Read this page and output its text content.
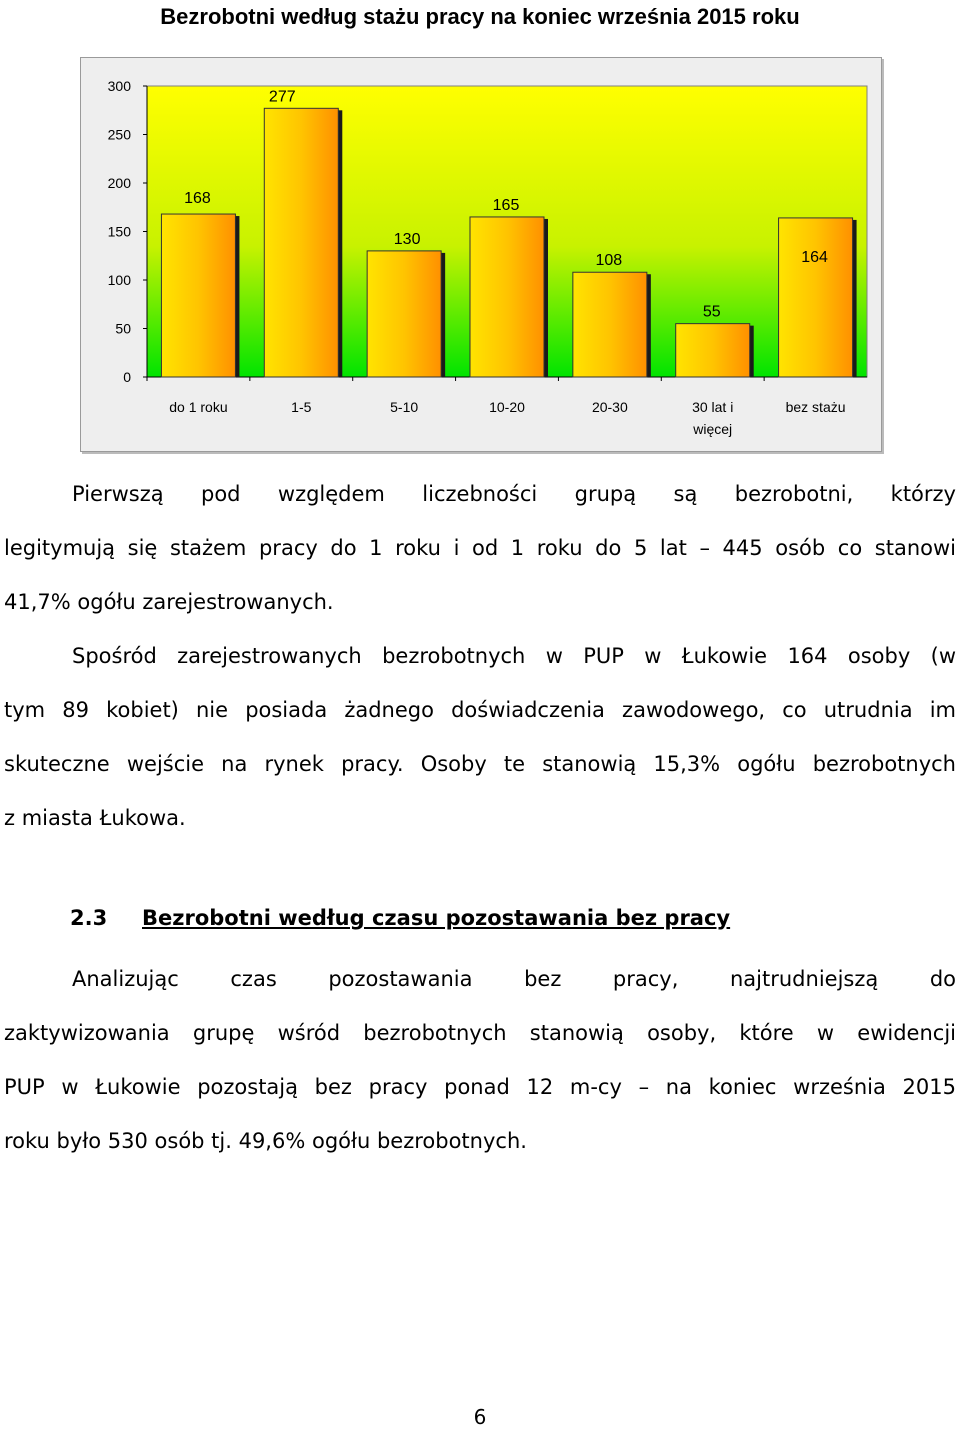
Bezrobotni według stażu pracy na koniec września 2015 roku
300
250
200
150
100
50
0
168
do 1 roku
277
1-5
130
5-10
165
10-20
108
20-30
55
30 lat i więcej
164
bez stażu

Pierwszą pod względem liczebności grupą są bezrobotni, którzy
legitymują się stażem pracy do 1 roku i od 1 roku do 5 lat – 445 osób co stanowi
41,7% ogółu zarejestrowanych.

Spośród zarejestrowanych bezrobotnych w PUP w Łukowie 164 osoby (w
tym 89 kobiet) nie posiada żadnego doświadczenia zawodowego, co utrudnia im
skuteczne wejście na rynek pracy. Osoby te stanowią 15,3% ogółu bezrobotnych
z miasta Łukowa.

2.3 Bezrobotni według czasu pozostawania bez pracy

Analizując czas pozostawania bez pracy, najtrudniejszą do
zaktywizowania grupę wśród bezrobotnych stanowią osoby, które w ewidencji
PUP w Łukowie pozostają bez pracy ponad 12 m-cy – na koniec września 2015
roku było 530 osób tj. 49,6% ogółu bezrobotnych.

6
